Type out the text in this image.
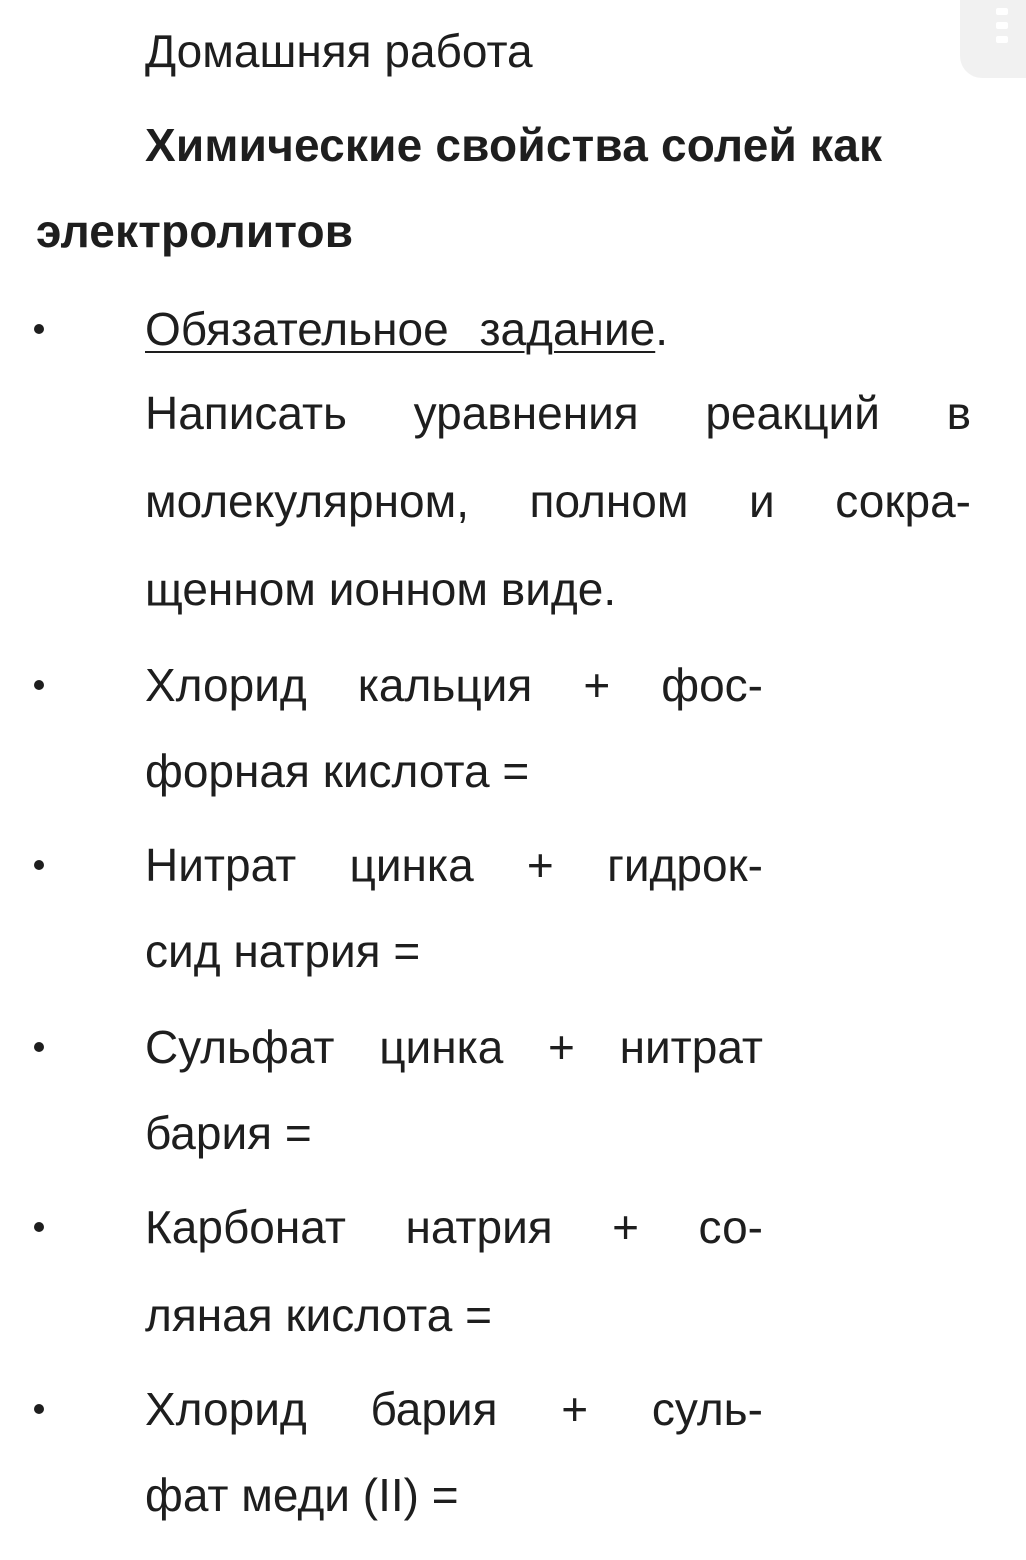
Домашняя работа
Химические свойства солей как
электролитов
Обязательное задание.
Написать уравнения реакций в
молекулярном, полном и сокра-
щенном ионном виде.
Хлорид кальция + фос-
форная кислота =
Нитрат цинка + гидрок-
сид натрия =
Сульфат цинка + нитрат
бария =
Карбонат натрия + со-
ляная кислота =
Хлорид бария + суль-
фат меди (II) =
